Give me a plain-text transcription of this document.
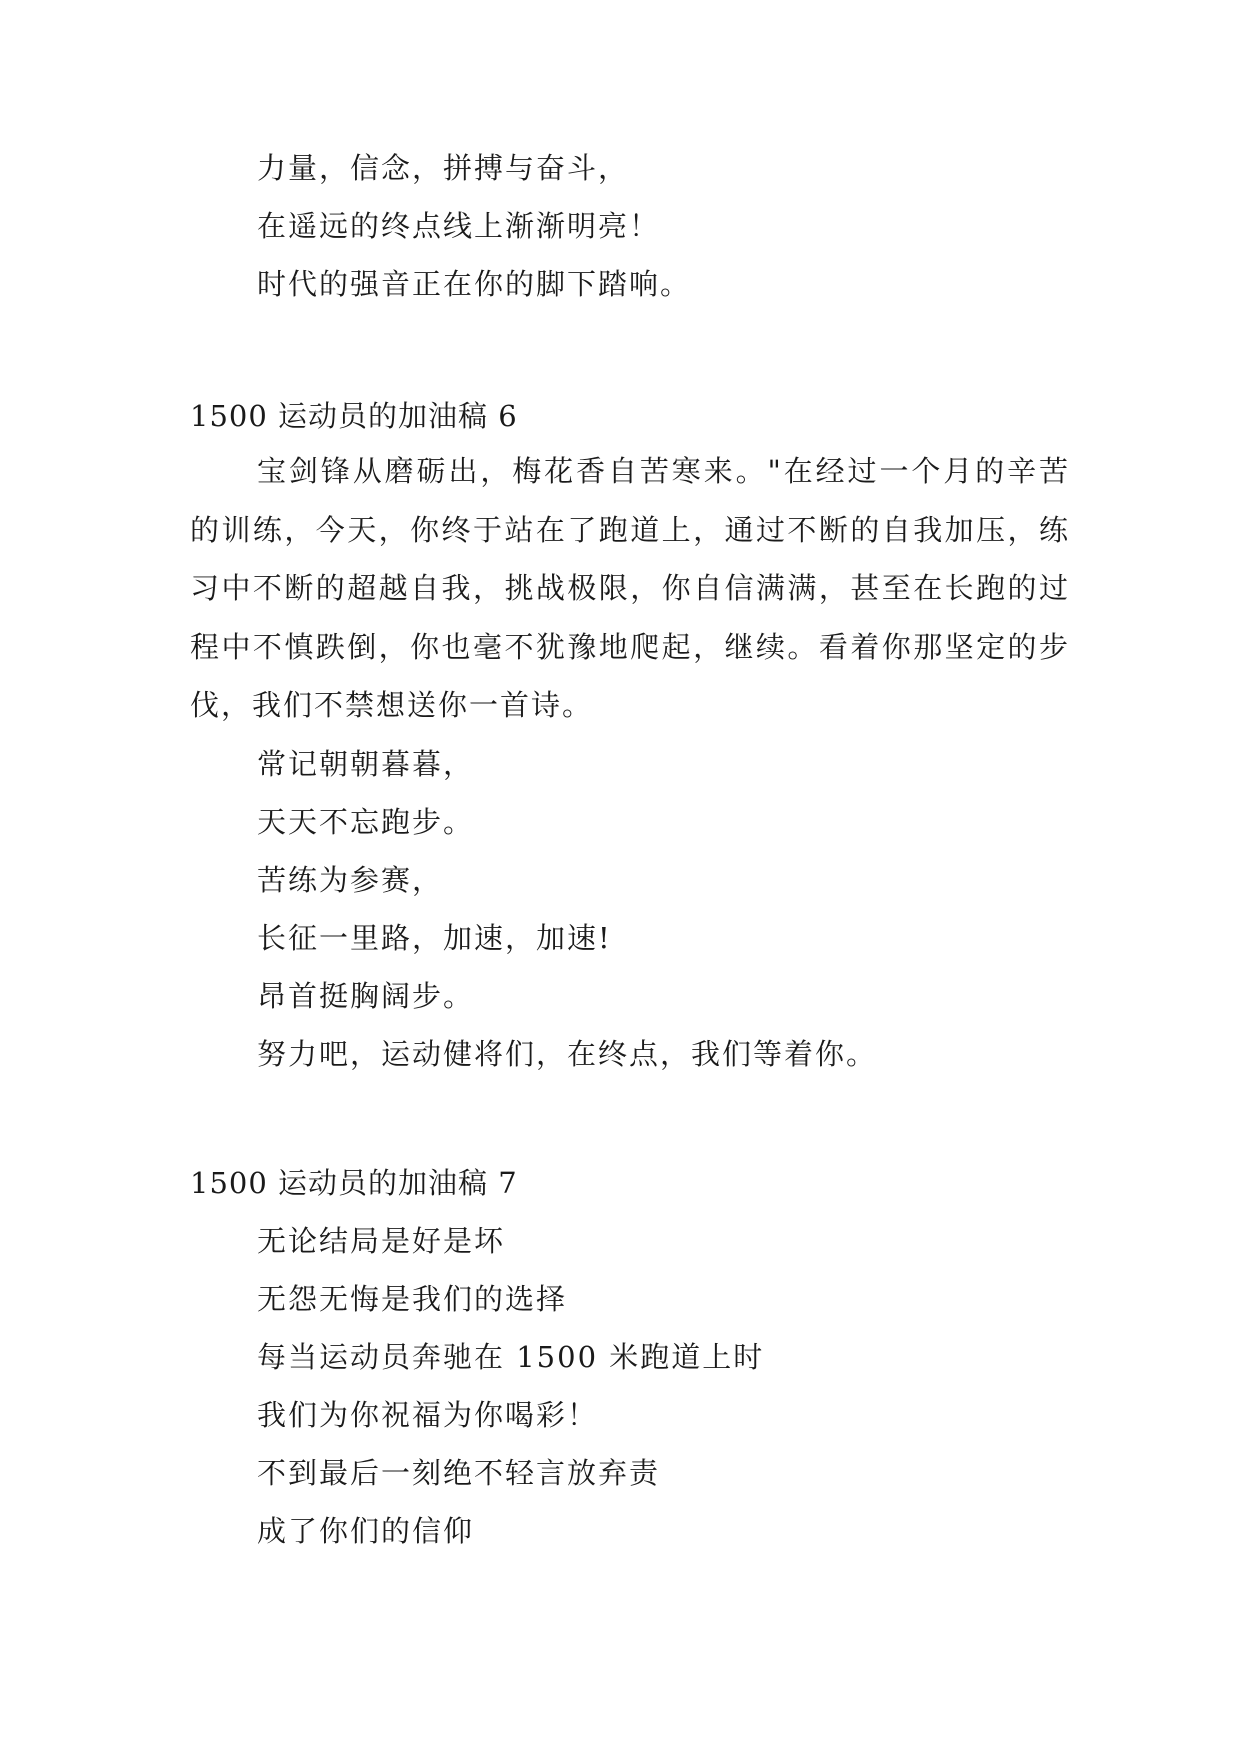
力量，信念，拼搏与奋斗，
在遥远的终点线上渐渐明亮！
时代的强音正在你的脚下踏响。
1500 运动员的加油稿 6
宝剑锋从磨砺出，梅花香自苦寒来。"在经过一个月的辛苦的训练，今天，你终于站在了跑道上，通过不断的自我加压，练习中不断的超越自我，挑战极限，你自信满满，甚至在长跑的过程中不慎跌倒，你也毫不犹豫地爬起，继续。看着你那坚定的步伐，我们不禁想送你一首诗。
常记朝朝暮暮，
天天不忘跑步。
苦练为参赛，
长征一里路，加速，加速!
昂首挺胸阔步。
努力吧，运动健将们，在终点，我们等着你。
1500 运动员的加油稿 7
无论结局是好是坏
无怨无悔是我们的选择
每当运动员奔驰在 1500 米跑道上时
我们为你祝福为你喝彩！
不到最后一刻绝不轻言放弃责
成了你们的信仰
